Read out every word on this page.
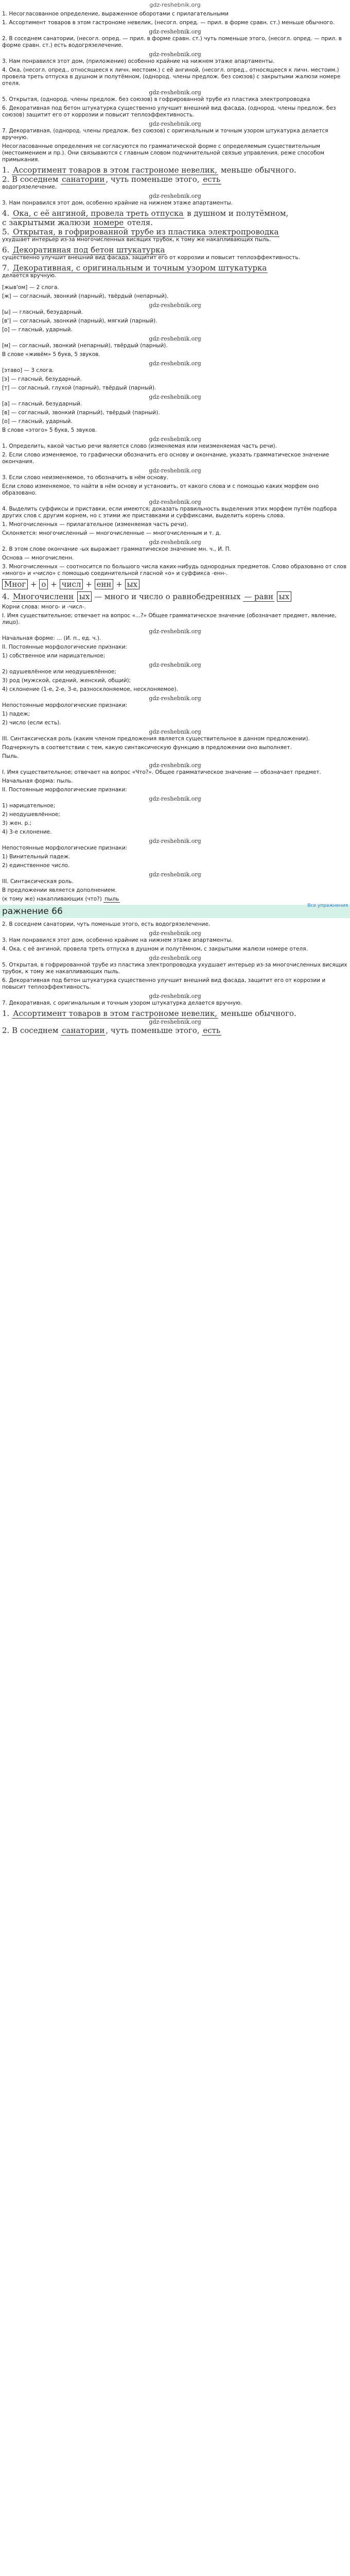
gdz-reshebnik.org

1. Несогласованное определение, выраженное оборотами с прилагательными

1. Ассортимент товаров в этом гастрономе невелик, (несогл. опред. — прил. в форме сравн. ст.) меньше обычного.

gdz-reshebnik.org

2. В соседнем санатории, (несогл. опред. — прил. в форме сравн. ст.) чуть поменьше этого, (несогл. опред. — прил. в форме сравн. ст.) есть водогрязелечение.

gdz-reshebnik.org

3. Нам понравился этот дом, (приложение) особенно крайние на нижнем этаже апартаменты.

4. Ока, (несогл. опред., относящееся к личн. местоим.) с её ангиной, (несогл. опред., относящееся к личн. местоим.) провела треть отпуска в душном и полутёмном, (однород. члены предлож. без союзов) с закрытыми жалюзи номере отеля.

gdz-reshebnik.org

5. Открытая, (однород. члены предлож. без союзов) в гофрированной трубе из пластика электропроводка

6. Декоративная под бетон штукатурка существенно улучшит внешний вид фасада, (однород. члены предлож. без союзов) защитит его от коррозии и повысит теплоэффективность.

gdz-reshebnik.org

7. Декоративная, (однород. члены предлож. без союзов) с оригинальным и точным узором штукатурка делается вручную.

Несогласованные определения не согласуются по грамматической форме с определяемым существительным (местоимением и пр.). Они связываются с главным словом подчинительной связью управления, реже способом примыкания.

1. Ассортимент товаров в этом гастрономе невелик, меньше обычного.
2. В соседнем санатории , чуть поменьше этого, есть

водогрязелечение.

gdz-reshebnik.org

3. Нам понравился этот дом, особенно крайние на нижнем этаже апартаменты.

4. Ока, с её ангиной, провела треть отпуска в душном и полутёмном,
с закрытыми жалюзи номере отеля.
5. Открытая, в гофрированной трубе из пластика электропроводка

ухудшает интерьер из-за многочисленных висящих трубок, к тому же накапливающих пыль.

6. Декоративная под бетон штукатурка

существенно улучшит внешний вид фасада, защитит его от коррозии и повысит теплоэффективность.

7. Декоративная, с оригинальным и точным узором штукатурка

делается вручную.

[жыв'ом] — 2 слога.

[ж] — согласный, звонкий (парный), твёрдый (непарный).

gdz-reshebnik.org

[ы] — гласный, безударный.

[в'] — согласный, звонкий (парный), мягкий (парный).

[о] — гласный, ударный.

gdz-reshebnik.org

[м] — согласный, звонкий (непарный), твёрдый (парный).

В слове «живём» 5 букв, 5 звуков.

gdz-reshebnik.org

[этаво] — 3 слога.

[э] — гласный, безударный.

[т] — согласный, глухой (парный), твёрдый (парный).

gdz-reshebnik.org

[а] — гласный, безударный.

[в] — согласный, звонкий (парный), твёрдый (парный).

[о] — гласный, ударный.

В слове «этого» 5 букв, 5 звуков.

gdz-reshebnik.org

1. Определить, какой частью речи является слово (изменяемая или неизменяемая часть речи).

2. Если слово изменяемое, то графически обозначить его основу и окончание, указать грамматическое значение окончания.

gdz-reshebnik.org

3. Если слово неизменяемое, то обозначить в нём основу.

Если слово изменяемое, то найти в нём основу и установить, от какого слова и с помощью каких морфем оно образовано.

gdz-reshebnik.org

4. Выделить суффиксы и приставки, если имеются; доказать правильность выделения этих морфем путём подбора других слов с другим корнем, но с этими же приставками и суффиксами, выделить корень слова.

1. Многочисленных — прилагательное (изменяемая часть речи).

Склоняется: многочисленный — многочисленные — многочисленным и т. д.

gdz-reshebnik.org

2. В этом слове окончание -ых выражает грамматическое значение мн. ч., И. П.

Основа — многочисленн.

3. Многочисленных — соотносится по большого числа каких-нибудь однородных предметов. Слово образовано от слов «много» и «число» с помощью соединительной гласной «о» и суффикса -енн-.

Мног + о + числ + енн + ых
4. Многочисленн ых — много и число о равнобедренных — равн ых

Корни слова: много- и -числ-.

I. Имя существительное; отвечает на вопрос «...?» Общее грамматическое значение (обозначает предмет, явление, лицо).

gdz-reshebnik.org

Начальная форме: ... (И. п., ед. ч.).

II. Постоянные морфологические признаки:

1) собственное или нарицательное;

gdz-reshebnik.org

2) одушевлённое или неодушевлённое;

3) род (мужской, средний, женский, общий);

4) склонение (1-е, 2-е, 3-е, разносклоняемое, несклоняемое).

gdz-reshebnik.org

Непостоянные морфологические признаки:

1) падеж;

2) число (если есть).

gdz-reshebnik.org

III. Синтаксическая роль (каким членом предложения является существительное в данном предложении).

Подчеркнуть в соответствии с тем, какую синтаксическую функцию в предложении оно выполняет.

Пыль.

gdz-reshebnik.org

I. Имя существительное; отвечает на вопрос «Что?». Общее грамматическое значение — обозначает предмет.

Начальная форма: пыль.

II. Постоянные морфологические признаки:

gdz-reshebnik.org

1) нарицательное;

2) неодушевлённое;

3) жен. р.;

4) 3-е склонение.

gdz-reshebnik.org

Непостоянные морфологические признаки:

1) Винительный падеж.

2) единственное число.

gdz-reshebnik.org

III. Синтаксическая роль.

В предложении является дополнением.

(к тому же) накапливающих (что?) пыль

ражнение 66
Все упражнения

2. В соседнем санатории, чуть поменьше этого, есть водогрязелечение.

gdz-reshebnik.org

3. Нам понравился этот дом, особенно крайние на нижнем этаже апартаменты.

4. Ока, с её ангиной, провела треть отпуска в душном и полутёмном, с закрытыми жалюзи номере отеля.

gdz-reshebnik.org

5. Открытая, в гофрированной трубе из пластика электропроводка ухудшает интерьер из-за многочисленных висящих трубок, к тому же накапливающих пыль.

6. Декоративная под бетон штукатурка существенно улучшит внешний вид фасада, защитит его от коррозии и повысит теплоэффективность.

gdz-reshebnik.org

7. Декоративная, с оригинальным и точным узором штукатурка делается вручную.

1. Ассортимент товаров в этом гастрономе невелик, меньше обычного.
gdz-reshebnik.org
2. В соседнем санатории , чуть поменьше этого, есть
